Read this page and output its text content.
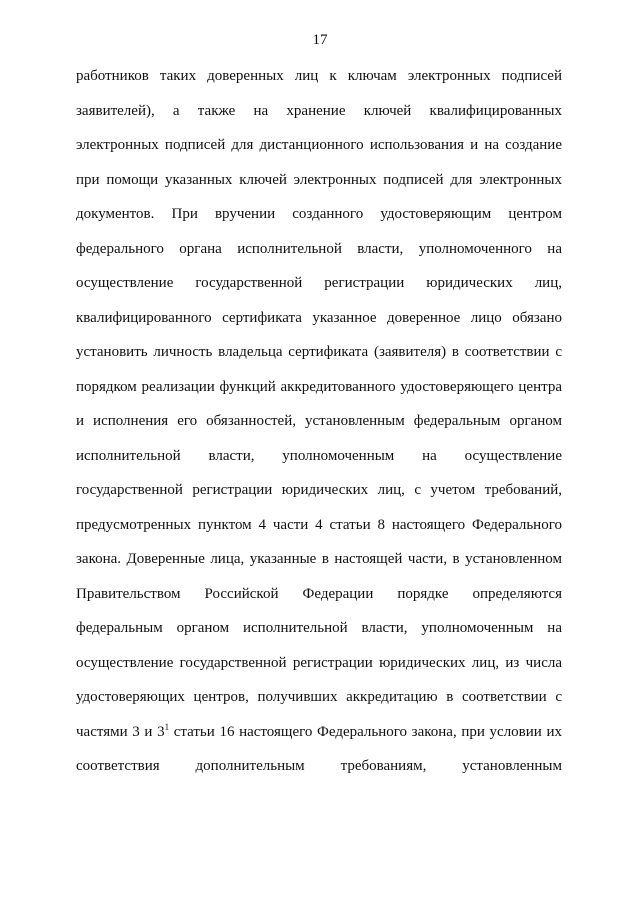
17
работников таких доверенных лиц к ключам электронных подписей
заявителей), а также на хранение ключей квалифицированных
электронных подписей для дистанционного использования и на создание
при помощи указанных ключей электронных подписей для электронных
документов. При вручении созданного удостоверяющим центром
федерального органа исполнительной власти, уполномоченного на
осуществление государственной регистрации юридических лиц,
квалифицированного сертификата указанное доверенное лицо обязано
установить личность владельца сертификата (заявителя) в соответствии с
порядком реализации функций аккредитованного удостоверяющего центра
и исполнения его обязанностей, установленным федеральным органом
исполнительной власти, уполномоченным на осуществление
государственной регистрации юридических лиц, с учетом требований,
предусмотренных пунктом 4 части 4 статьи 8 настоящего Федерального
закона. Доверенные лица, указанные в настоящей части, в установленном
Правительством Российской Федерации порядке определяются
федеральным органом исполнительной власти, уполномоченным на
осуществление государственной регистрации юридических лиц, из числа
удостоверяющих центров, получивших аккредитацию в соответствии с
частями 3 и $3^1$ статьи 16 настоящего Федерального закона, при условии их
соответствия дополнительным требованиям, установленным
